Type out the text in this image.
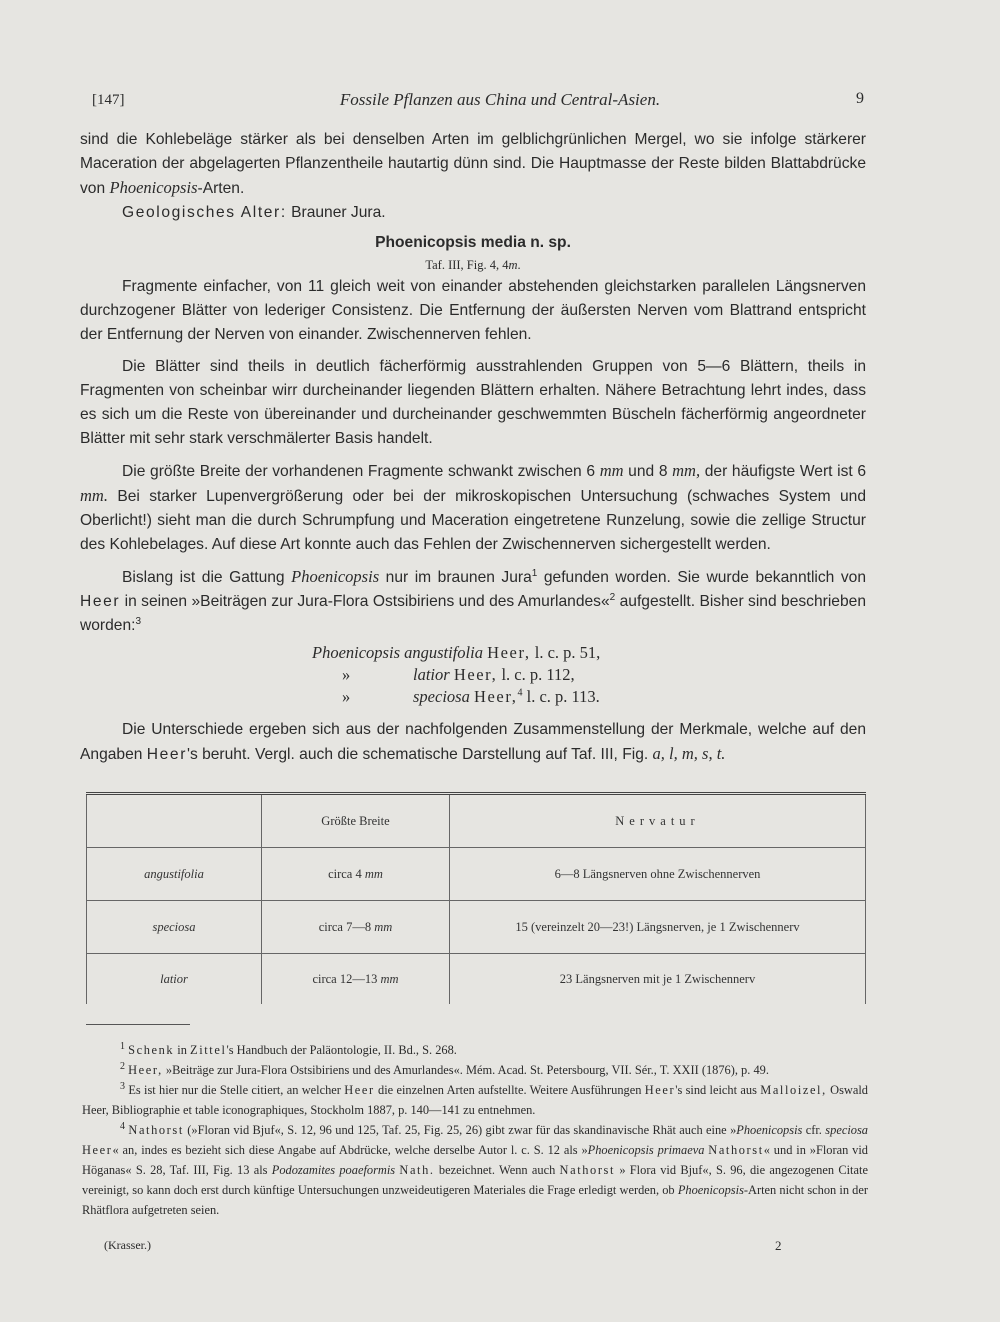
[147]	Fossile Pflanzen aus China und Central-Asien.	9

sind die Kohlebeläge stärker als bei denselben Arten im gelblichgrünlichen Mergel, wo sie infolge stärkerer Maceration der abgelagerten Pflanzentheile hautartig dünn sind. Die Hauptmasse der Reste bilden Blattabdrücke von Phoenicopsis-Arten.

Geologisches Alter: Brauner Jura.

Phoenicopsis media n. sp.

Taf. III, Fig. 4, 4m.

Fragmente einfacher, von 11 gleich weit von einander abstehenden gleichstarken parallelen Längsnerven durchzogener Blätter von lederiger Consistenz. Die Entfernung der äußersten Nerven vom Blattrand entspricht der Entfernung der Nerven von einander. Zwischennerven fehlen.

Die Blätter sind theils in deutlich fächerförmig ausstrahlenden Gruppen von 5—6 Blättern, theils in Fragmenten von scheinbar wirr durcheinander liegenden Blättern erhalten. Nähere Betrachtung lehrt indes, dass es sich um die Reste von übereinander und durcheinander geschwemmten Büscheln fächerförmig angeordneter Blätter mit sehr stark verschmälerter Basis handelt.

Die größte Breite der vorhandenen Fragmente schwankt zwischen 6 mm und 8 mm, der häufigste Wert ist 6 mm. Bei starker Lupenvergrößerung oder bei der mikroskopischen Untersuchung (schwaches System und Oberlicht!) sieht man die durch Schrumpfung und Maceration eingetretene Runzelung, sowie die zellige Structur des Kohlebelages. Auf diese Art konnte auch das Fehlen der Zwischennerven sichergestellt werden.

Bislang ist die Gattung Phoenicopsis nur im braunen Jura$^1$ gefunden worden. Sie wurde bekanntlich von Heer in seinen »Beiträgen zur Jura-Flora Ostsibiriens und des Amurlandes«$^2$ aufgestellt. Bisher sind beschrieben worden:$^3$

Phoenicopsis angustifolia Heer, l. c. p. 51,
»	latior Heer, l. c. p. 112,
»	speciosa Heer,$^4$ l. c. p. 113.

Die Unterschiede ergeben sich aus der nachfolgenden Zusammenstellung der Merkmale, welche auf den Angaben Heer's beruht. Vergl. auch die schematische Darstellung auf Taf. III, Fig. a, l, m, s, t.

	Größte Breite	Nervatur
angustifolia	circa 4 mm	6—8 Längsnerven ohne Zwischennerven
speciosa	circa 7—8 mm	15 (vereinzelt 20—23!) Längsnerven, je 1 Zwischennerv
latior	circa 12—13 mm	23 Längsnerven mit je 1 Zwischennerv

$^1$ Schenk in Zittel's Handbuch der Paläontologie, II. Bd., S. 268.

$^2$ Heer, »Beiträge zur Jura-Flora Ostsibiriens und des Amurlandes«. Mém. Acad. St. Petersbourg, VII. Sér., T. XXII (1876), p. 49.

$^3$ Es ist hier nur die Stelle citiert, an welcher Heer die einzelnen Arten aufstellte. Weitere Ausführungen Heer's sind leicht aus Malloizel, Oswald Heer, Bibliographie et table iconographiques, Stockholm 1887, p. 140—141 zu entnehmen.

$^4$ Nathorst (»Floran vid Bjuf«, S. 12, 96 und 125, Taf. 25, Fig. 25, 26) gibt zwar für das skandinavische Rhät auch eine »Phoenicopsis cfr. speciosa Heer« an, indes es bezieht sich diese Angabe auf Abdrücke, welche derselbe Autor l. c. S. 12 als »Phoenicopsis primaeva Nathorst« und in »Floran vid Höganas« S. 28, Taf. III, Fig. 13 als Podozamites poaeformis Nath. bezeichnet. Wenn auch Nathorst » Flora vid Bjuf«, S. 96, die angezogenen Citate vereinigt, so kann doch erst durch künftige Untersuchungen unzweideutigeren Materiales die Frage erledigt werden, ob Phoenicopsis-Arten nicht schon in der Rhätflora aufgetreten seien.

(Krasser.)	2
